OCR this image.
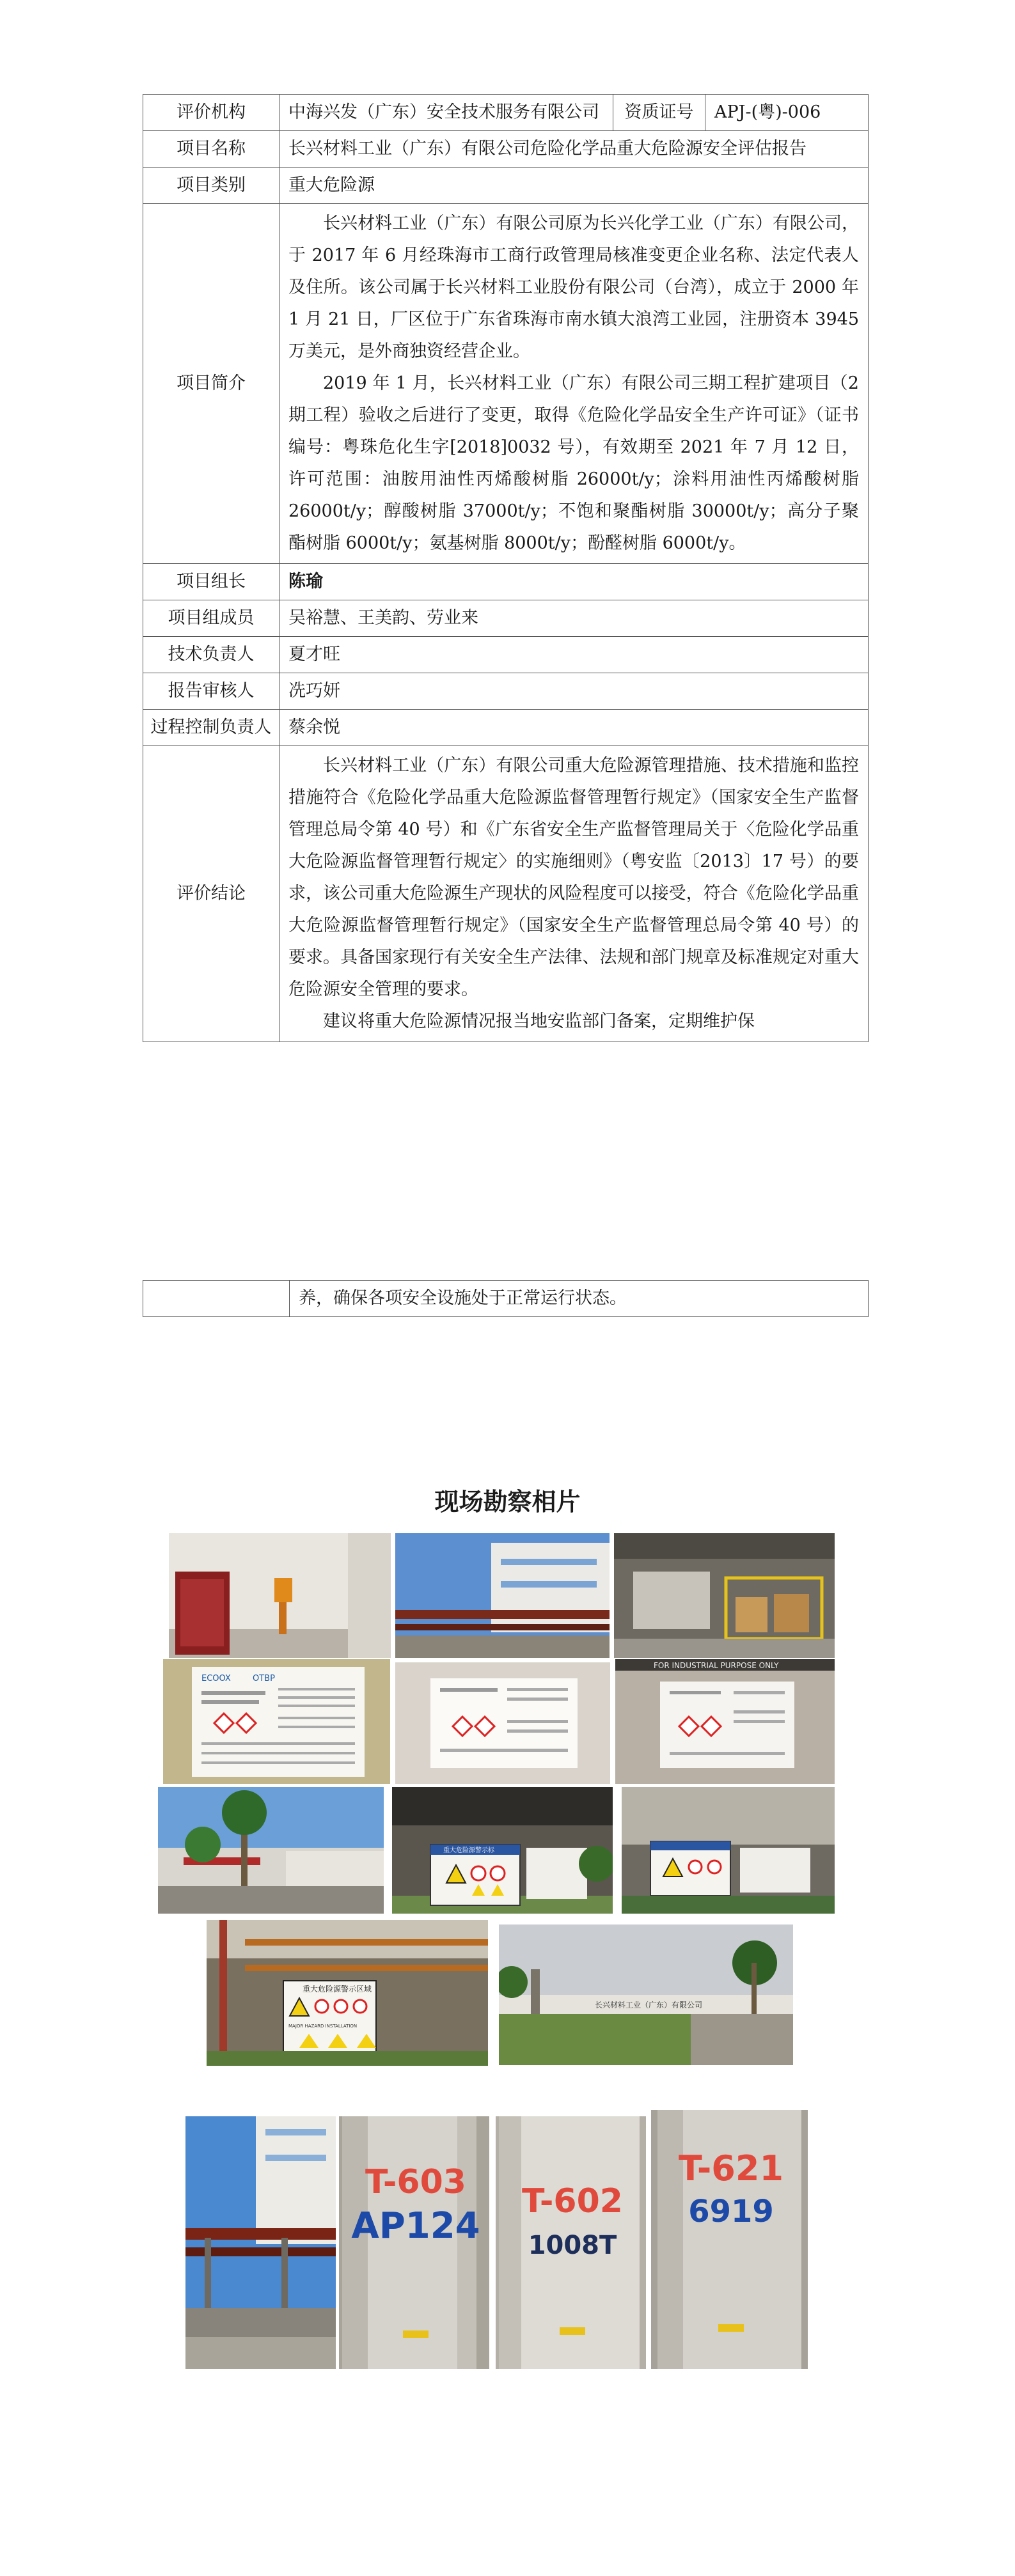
评价机构	中海兴发（广东）安全技术服务有限公司	资质证号	APJ-(粤)-006
项目名称	长兴材料工业（广东）有限公司危险化学品重大危险源安全评估报告		
项目类别	重大危险源		
项目简介	长兴材料工业（广东）有限公司原为长兴化学工业（广东）有限公司，于 2017 年 6 月经珠海市工商行政管理局核准变更企业名称、法定代表人及住所。该公司属于长兴材料工业股份有限公司（台湾），成立于 2000 年 1 月 21 日，厂区位于广东省珠海市南水镇大浪湾工业园，注册资本 3945 万美元，是外商独资经营企业。
2019 年 1 月，长兴材料工业（广东）有限公司三期工程扩建项目（2 期工程）验收之后进行了变更，取得《危险化学品安全生产许可证》（证书编号：粤珠危化生字[2018]0032 号），有效期至 2021 年 7 月 12 日，许可范围：油胺用油性丙烯酸树脂 26000t/y；涂料用油性丙烯酸树脂 26000t/y；醇酸树脂 37000t/y；不饱和聚酯树脂 30000t/y；高分子聚酯树脂 6000t/y；氨基树脂 8000t/y；酚醛树脂 6000t/y。		

项目组长	陈瑜		
项目组成员	吴裕慧、王美韵、劳业来		
技术负责人	夏才旺		
报告审核人	冼巧妍		
过程控制负责人	蔡余悦		
评价结论	长兴材料工业（广东）有限公司重大危险源管理措施、技术措施和监控措施符合《危险化学品重大危险源监督管理暂行规定》（国家安全生产监督管理总局令第 40 号）和《广东省安全生产监督管理局关于〈危险化学品重大危险源监督管理暂行规定〉的实施细则》（粤安监〔2013〕17 号）的要求，该公司重大危险源生产现状的风险程度可以接受，符合《危险化学品重大危险源监督管理暂行规定》（国家安全生产监督管理总局令第 40 号）的要求。具备国家现行有关安全生产法律、法规和部门规章及标准规定对重大危险源安全管理的要求。
建议将重大危险源情况报当地安监部门备案，定期维护保		
	养，确保各项安全设施处于正常运行状态。
现场勘察相片
ECOOX	OTBP
FOR INDUSTRIAL PURPOSE ONLY
重大危险源警示标
重大危险源警示区域
MAJOR HAZARD INSTALLATION
长兴材料工业（广东）有限公司
T-603
AP124
T-602
1008T
T-621
6919
